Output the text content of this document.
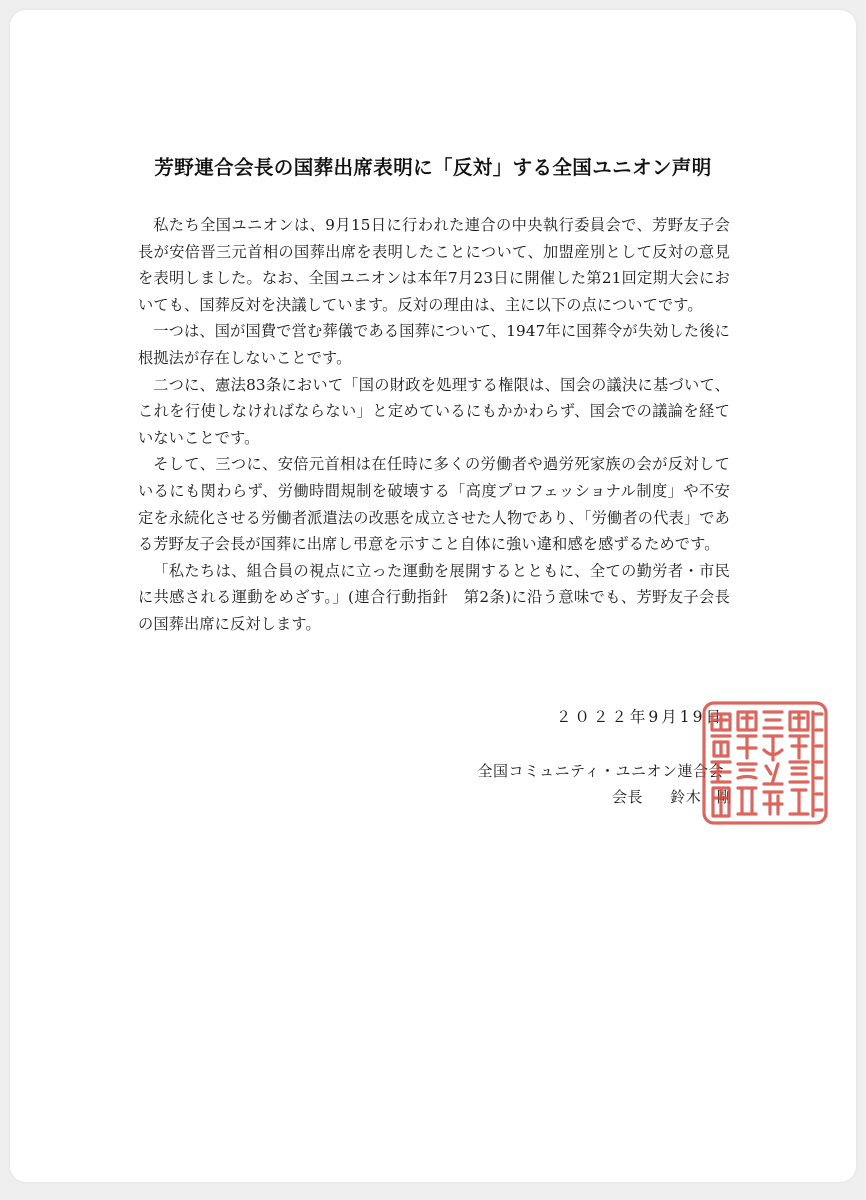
芳野連合会長の国葬出席表明に「反対」する全国ユニオン声明

私たち全国ユニオンは、9月15日に行われた連合の中央執行委員会で、芳野友子会長が安倍晋三元首相の国葬出席を表明したことについて、加盟産別として反対の意見を表明しました。なお、全国ユニオンは本年7月23日に開催した第21回定期大会においても、国葬反対を決議しています。反対の理由は、主に以下の点についてです。

一つは、国が国費で営む葬儀である国葬について、1947年に国葬令が失効した後に根拠法が存在しないことです。

二つに、憲法83条において「国の財政を処理する権限は、国会の議決に基づいて、これを行使しなければならない」と定めているにもかかわらず、国会での議論を経ていないことです。

そして、三つに、安倍元首相は在任時に多くの労働者や過労死家族の会が反対しているにも関わらず、労働時間規制を破壊する「高度プロフェッショナル制度」や不安定を永続化させる労働者派遣法の改悪を成立させた人物であり、「労働者の代表」である芳野友子会長が国葬に出席し弔意を示すこと自体に強い違和感を感ずるためです。

「私たちは、組合員の視点に立った運動を展開するとともに、全ての勤労者・市民に共感される運動をめざす。」(連合行動指針　第2条)に沿う意味でも、芳野友子会長の国葬出席に反対します。

２０２２年9月19日
全国コミュニティ・ユニオン連合会
会長 鈴木　剛
